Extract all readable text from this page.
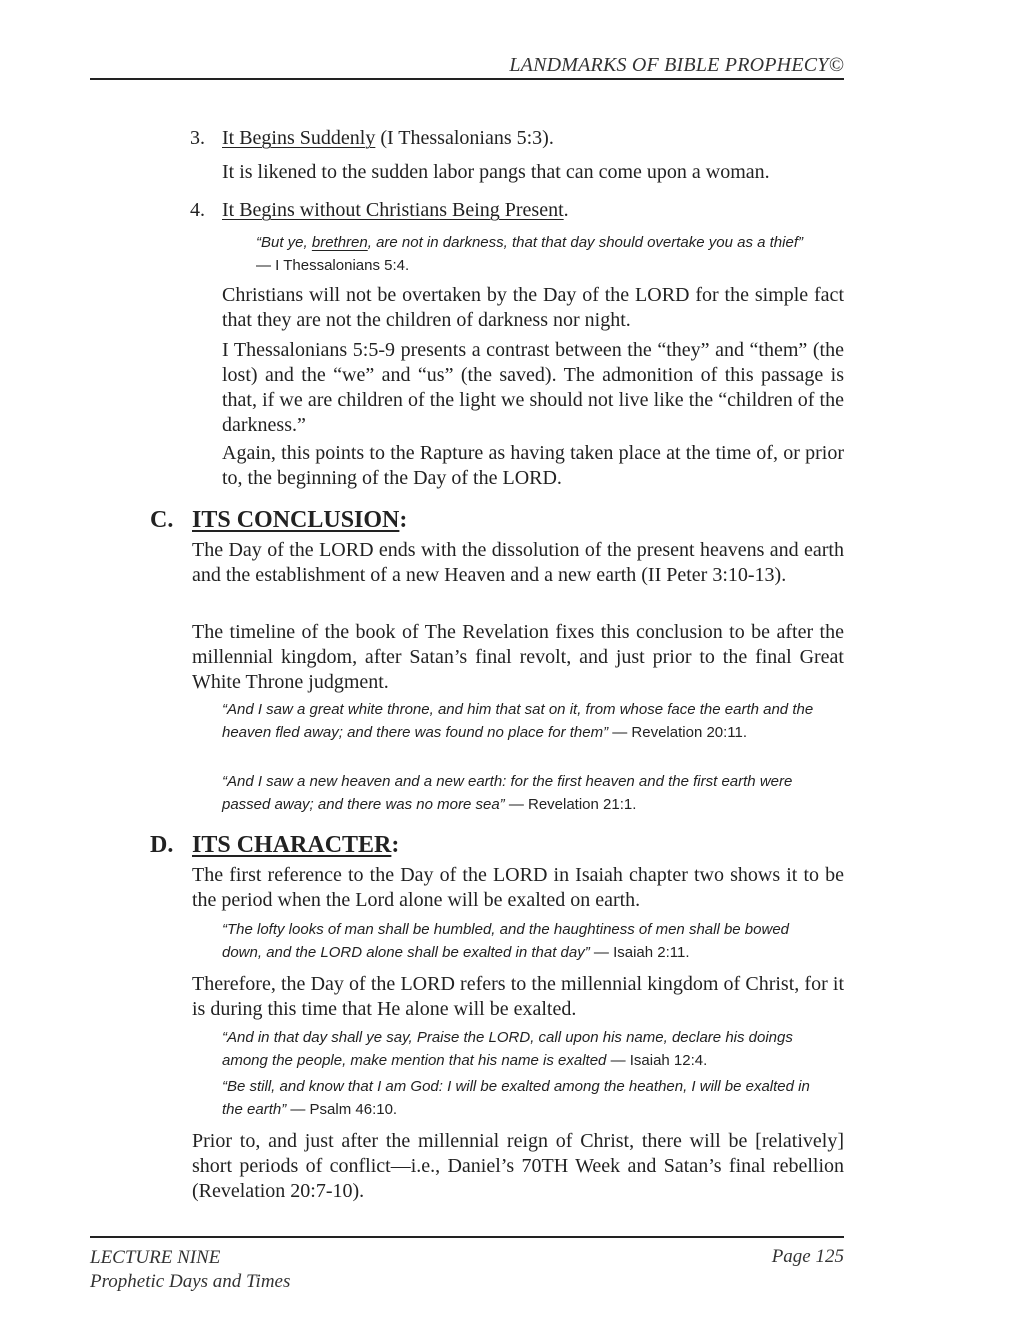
LANDMARKS OF BIBLE PROPHECY©
3. It Begins Suddenly (I Thessalonians 5:3).
It is likened to the sudden labor pangs that can come upon a woman.
4. It Begins without Christians Being Present.
“But ye, brethren, are not in darkness, that that day should overtake you as a thief” — I Thessalonians 5:4.
Christians will not be overtaken by the Day of the LORD for the simple fact that they are not the children of darkness nor night.
I Thessalonians 5:5-9 presents a contrast between the “they” and “them” (the lost) and the “we” and “us” (the saved). The admonition of this passage is that, if we are children of the light we should not live like the “children of the darkness.”
Again, this points to the Rapture as having taken place at the time of, or prior to, the beginning of the Day of the LORD.
C. ITS CONCLUSION:
The Day of the LORD ends with the dissolution of the present heavens and earth and the establishment of a new Heaven and a new earth (II Peter 3:10-13).
The timeline of the book of The Revelation fixes this conclusion to be after the millennial kingdom, after Satan’s final revolt, and just prior to the final Great White Throne judgment.
“And I saw a great white throne, and him that sat on it, from whose face the earth and the heaven fled away; and there was found no place for them” — Revelation 20:11.
“And I saw a new heaven and a new earth: for the first heaven and the first earth were passed away; and there was no more sea” — Revelation 21:1.
D. ITS CHARACTER:
The first reference to the Day of the LORD in Isaiah chapter two shows it to be the period when the Lord alone will be exalted on earth.
“The lofty looks of man shall be humbled, and the haughtiness of men shall be bowed down, and the LORD alone shall be exalted in that day” — Isaiah 2:11.
Therefore, the Day of the LORD refers to the millennial kingdom of Christ, for it is during this time that He alone will be exalted.
“And in that day shall ye say, Praise the LORD, call upon his name, declare his doings among the people, make mention that his name is exalted — Isaiah 12:4.
“Be still, and know that I am God: I will be exalted among the heathen, I will be exalted in the earth” — Psalm 46:10.
Prior to, and just after the millennial reign of Christ, there will be [relatively] short periods of conflict—i.e., Daniel’s 70TH Week and Satan’s final rebellion (Revelation 20:7-10).
LECTURE NINE
Prophetic Days and Times
Page 125
